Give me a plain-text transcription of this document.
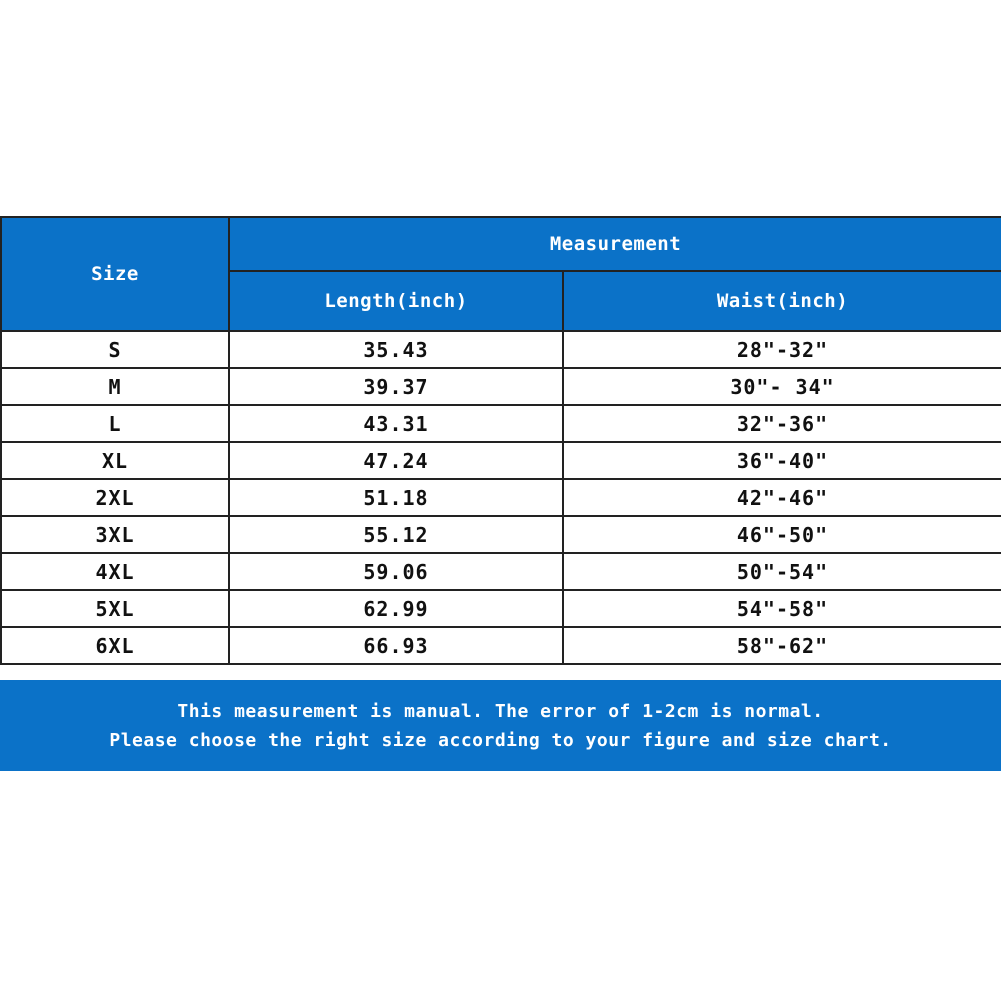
Size	Measurement	
	Length(inch)	Waist(inch)
S	35.43	28"-32"
M	39.37	30"- 34"
L	43.31	32"-36"
XL	47.24	36"-40"
2XL	51.18	42"-46"
3XL	55.12	46"-50"
4XL	59.06	50"-54"
5XL	62.99	54"-58"
6XL	66.93	58"-62"
This measurement is manual. The error of 1-2cm is normal.
Please choose the right size according to your figure and size chart.
